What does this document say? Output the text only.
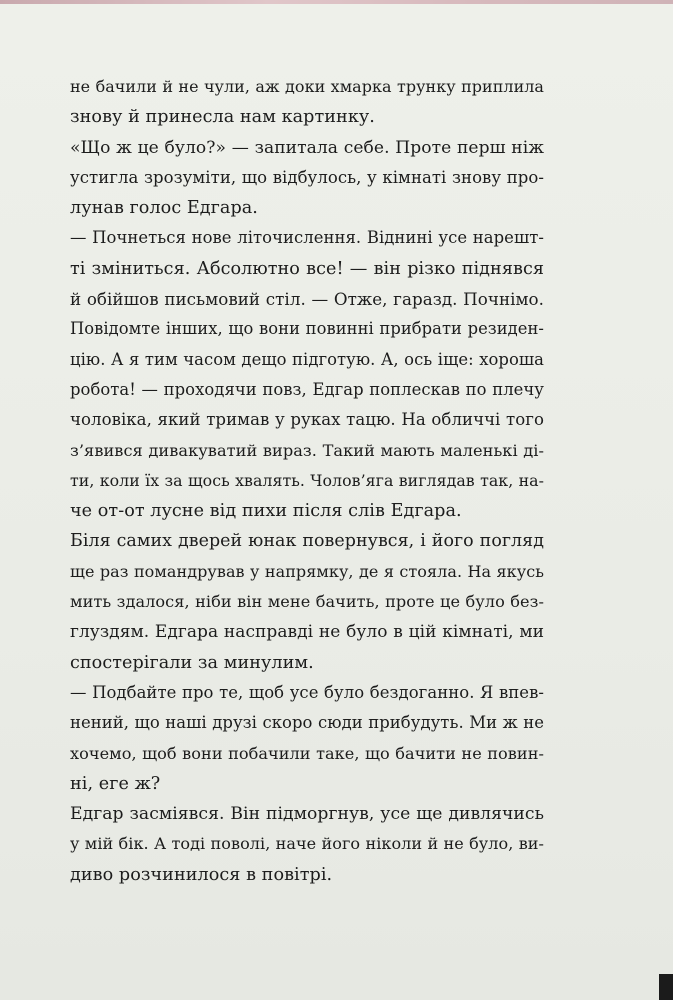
не бачили й не чули, аж доки хмарка трунку приплила
знову й принесла нам картинку.
«Що ж це було?» — запитала себе. Проте перш ніж
устигла зрозуміти, що відбулось, у кімнаті знову про-
лунав голос Едгара.
— Почнеться нове літочислення. Віднині усе нарешт-
ті зміниться. Абсолютно все! — він різко піднявся
й обійшов письмовий стіл. — Отже, гаразд. Почнімо.
Повідомте інших, що вони повинні прибрати резиден-
цію. А я тим часом дещо підготую. А, ось іще: хороша
робота! — проходячи повз, Едгар поплескав по плечу
чоловіка, який тримав у руках тацю. На обличчі того
з’явився дивакуватий вираз. Такий мають маленькі ді-
ти, коли їх за щось хвалять. Чолов’яга виглядав так, на-
че от-от лусне від пихи після слів Едгара.
Біля самих дверей юнак повернувся, і його погляд
ще раз помандрував у напрямку, де я стояла. На якусь
мить здалося, ніби він мене бачить, проте це було без-
глуздям. Едгара насправді не було в цій кімнаті, ми
спостерігали за минулим.
— Подбайте про те, щоб усе було бездоганно. Я впев-
нений, що наші друзі скоро сюди прибудуть. Ми ж не
хочемо, щоб вони побачили таке, що бачити не повин-
ні, еге ж?
Едгар засміявся. Він підморгнув, усе ще дивлячись
у мій бік. А тоді поволі, наче його ніколи й не було, ви-
диво розчинилося в повітрі.
